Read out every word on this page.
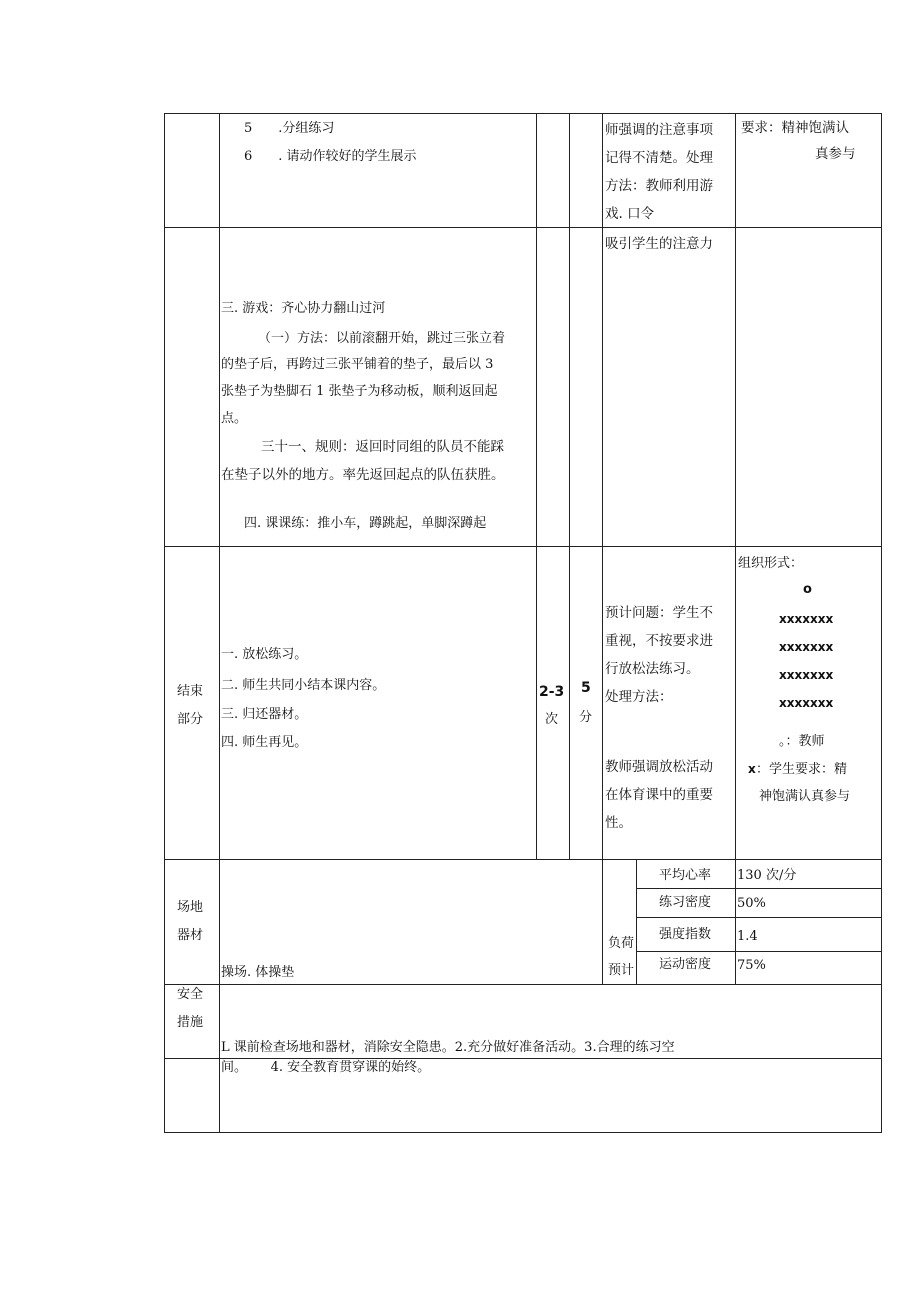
5　　.分组练习
6　　. 请动作较好的学生展示
师强调的注意事项
记得不清楚。处理
方法：教师利用游
戏. 口令
要求：精神饱满认
真参与
三. 游戏：齐心协力翻山过河
（一）方法：以前滚翻开始，跳过三张立着
的垫子后，再跨过三张平铺着的垫子，最后以 3
张垫子为垫脚石 1 张垫子为移动板，顺利返回起
点。
三十一、规则：返回时同组的队员不能踩
在垫子以外的地方。率先返回起点的队伍获胜。
四. 课课练：推小车，蹲跳起，单脚深蹲起
吸引学生的注意力
结束
部分
一. 放松练习。
二. 师生共同小结本课内容。
三. 归还器材。
四. 师生再见。
2-3
次
5
分
预计问题：学生不
重视，不按要求进
行放松法练习。
处理方法：
教师强调放松活动
在体育课中的重要
性。
组织形式：
o
xxxxxxx
xxxxxxx
xxxxxxx
xxxxxxx
。：教师
x ：学生要求：精
神饱满认真参与
场地
器材
操场. 体操垫
负荷
预计
平均心率 130 次/分
练习密度 50%
强度指数 1.4
运动密度 75%
安全
措施
L 课前检查场地和器材，消除安全隐患。2.充分做好准备活动。3.合理的练习空
间。　　 4. 安全教育贯穿课的始终。
